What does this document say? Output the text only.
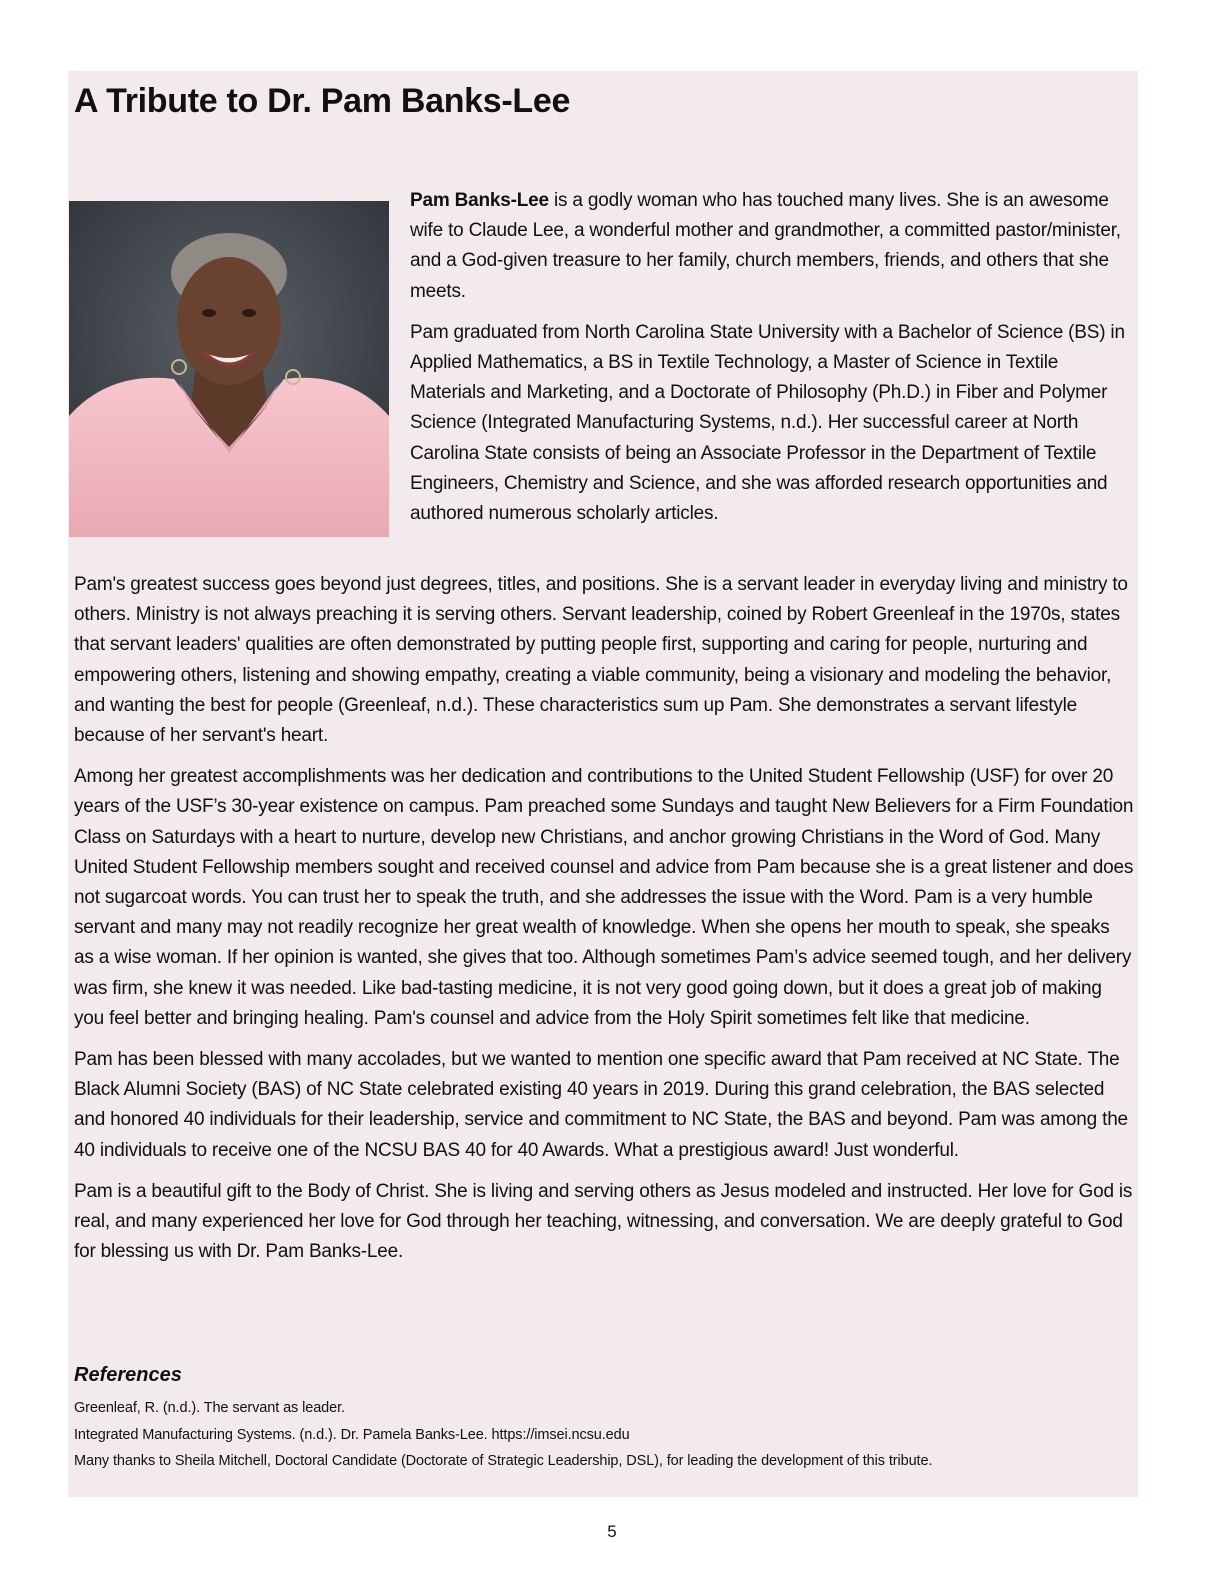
A Tribute to Dr. Pam Banks-Lee

Pam Banks-Lee is a godly woman who has touched many lives. She is an awesome wife to Claude Lee, a wonderful mother and grandmother, a committed pastor/minister, and a God-given treasure to her family, church members, friends, and others that she meets.

Pam graduated from North Carolina State University with a Bachelor of Science (BS) in Applied Mathematics, a BS in Textile Technology, a Master of Science in Textile Materials and Marketing, and a Doctorate of Philosophy (Ph.D.) in Fiber and Polymer Science (Integrated Manufacturing Systems, n.d.). Her successful career at North Carolina State consists of being an Associate Professor in the Department of Textile Engineers, Chemistry and Science, and she was afforded research opportunities and authored numerous scholarly articles.

Pam's greatest success goes beyond just degrees, titles, and positions. She is a servant leader in everyday living and ministry to others. Ministry is not always preaching it is serving others. Servant leadership, coined by Robert Greenleaf in the 1970s, states that servant leaders' qualities are often demonstrated by putting people first, supporting and caring for people, nurturing and empowering others, listening and showing empathy, creating a viable community, being a visionary and modeling the behavior, and wanting the best for people (Greenleaf, n.d.). These characteristics sum up Pam. She demonstrates a servant lifestyle because of her servant's heart.

Among her greatest accomplishments was her dedication and contributions to the United Student Fellowship (USF) for over 20 years of the USF’s 30-year existence on campus. Pam preached some Sundays and taught New Believers for a Firm Foundation Class on Saturdays with a heart to nurture, develop new Christians, and anchor growing Christians in the Word of God. Many United Student Fellowship members sought and received counsel and advice from Pam because she is a great listener and does not sugarcoat words. You can trust her to speak the truth, and she addresses the issue with the Word. Pam is a very humble servant and many may not readily recognize her great wealth of knowledge. When she opens her mouth to speak, she speaks as a wise woman. If her opinion is wanted, she gives that too. Although sometimes Pam’s advice seemed tough, and her delivery was firm, she knew it was needed. Like bad-tasting medicine, it is not very good going down, but it does a great job of making you feel better and bringing healing. Pam's counsel and advice from the Holy Spirit sometimes felt like that medicine.

Pam has been blessed with many accolades, but we wanted to mention one specific award that Pam received at NC State. The Black Alumni Society (BAS) of NC State celebrated existing 40 years in 2019. During this grand celebration, the BAS selected and honored 40 individuals for their leadership, service and commitment to NC State, the BAS and beyond. Pam was among the 40 individuals to receive one of the NCSU BAS 40 for 40 Awards. What a prestigious award! Just wonderful.

Pam is a beautiful gift to the Body of Christ. She is living and serving others as Jesus modeled and instructed. Her love for God is real, and many experienced her love for God through her teaching, witnessing, and conversation. We are deeply grateful to God for blessing us with Dr. Pam Banks-Lee.

References

Greenleaf, R. (n.d.). The servant as leader.

Integrated Manufacturing Systems. (n.d.). Dr. Pamela Banks-Lee. https://imsei.ncsu.edu

Many thanks to Sheila Mitchell, Doctoral Candidate (Doctorate of Strategic Leadership, DSL), for leading the development of this tribute.

5
